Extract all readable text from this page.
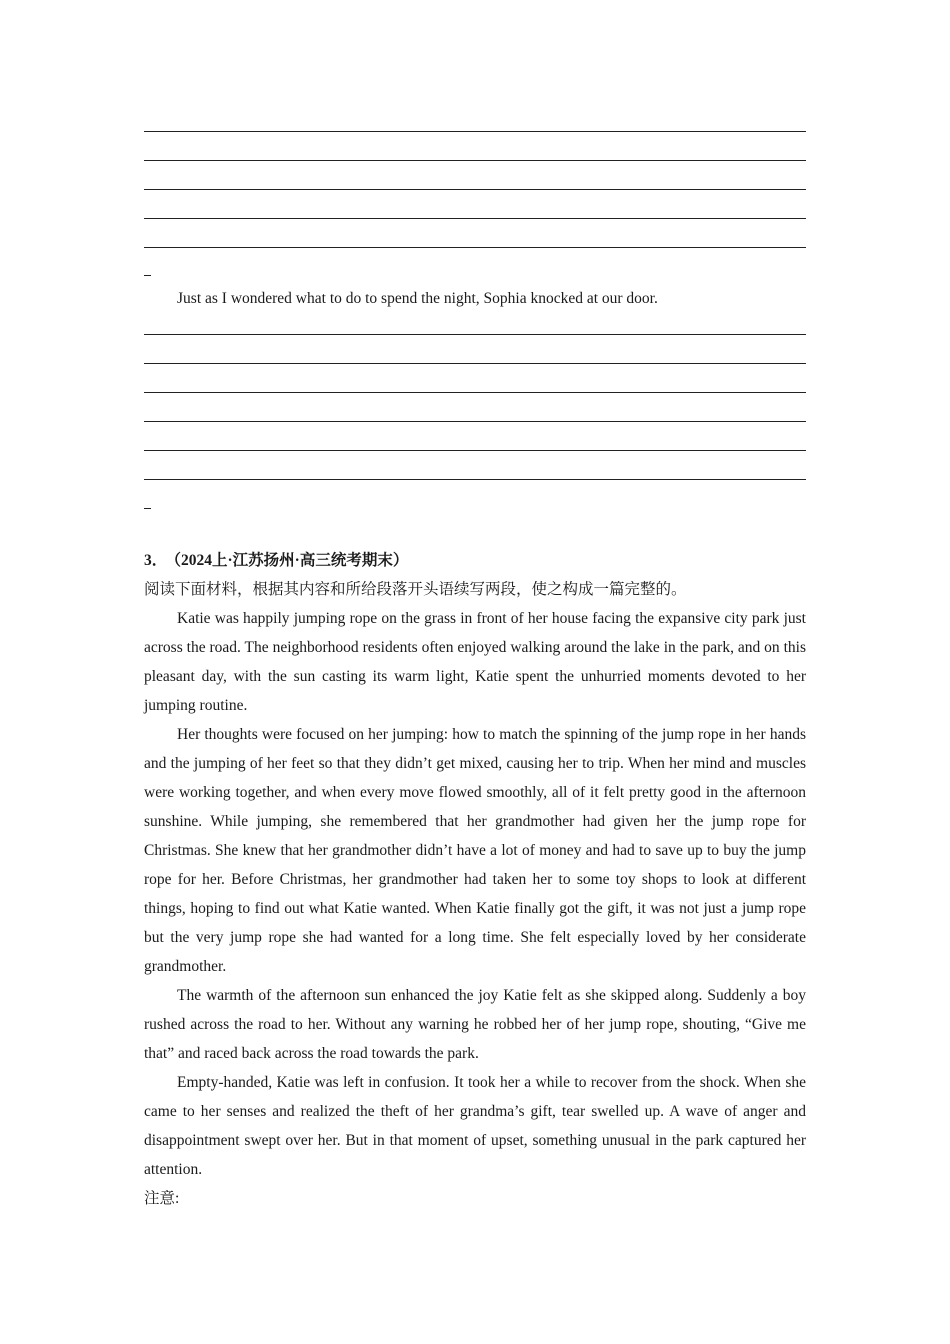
Just as I wondered what to do to spend the night, Sophia knocked at our door.
3． （2024上·江苏扬州·高三统考期末）
阅读下面材料，根据其内容和所给段落开头语续写两段，使之构成一篇完整的。

Katie was happily jumping rope on the grass in front of her house facing the expansive city park just across the road. The neighborhood residents often enjoyed walking around the lake in the park, and on this pleasant day, with the sun casting its warm light, Katie spent the unhurried moments devoted to her jumping routine.

Her thoughts were focused on her jumping: how to match the spinning of the jump rope in her hands and the jumping of her feet so that they didn’t get mixed, causing her to trip. When her mind and muscles were working together, and when every move flowed smoothly, all of it felt pretty good in the afternoon sunshine. While jumping, she remembered that her grandmother had given her the jump rope for Christmas. She knew that her grandmother didn’t have a lot of money and had to save up to buy the jump rope for her. Before Christmas, her grandmother had taken her to some toy shops to look at different things, hoping to find out what Katie wanted. When Katie finally got the gift, it was not just a jump rope but the very jump rope she had wanted for a long time. She felt especially loved by her considerate grandmother.

The warmth of the afternoon sun enhanced the joy Katie felt as she skipped along. Suddenly a boy rushed across the road to her. Without any warning he robbed her of her jump rope, shouting, “Give me that” and raced back across the road towards the park.

Empty-handed, Katie was left in confusion. It took her a while to recover from the shock. When she came to her senses and realized the theft of her grandma’s gift, tear swelled up. A wave of anger and disappointment swept over her. But in that moment of upset, something unusual in the park captured her attention.

注意:
